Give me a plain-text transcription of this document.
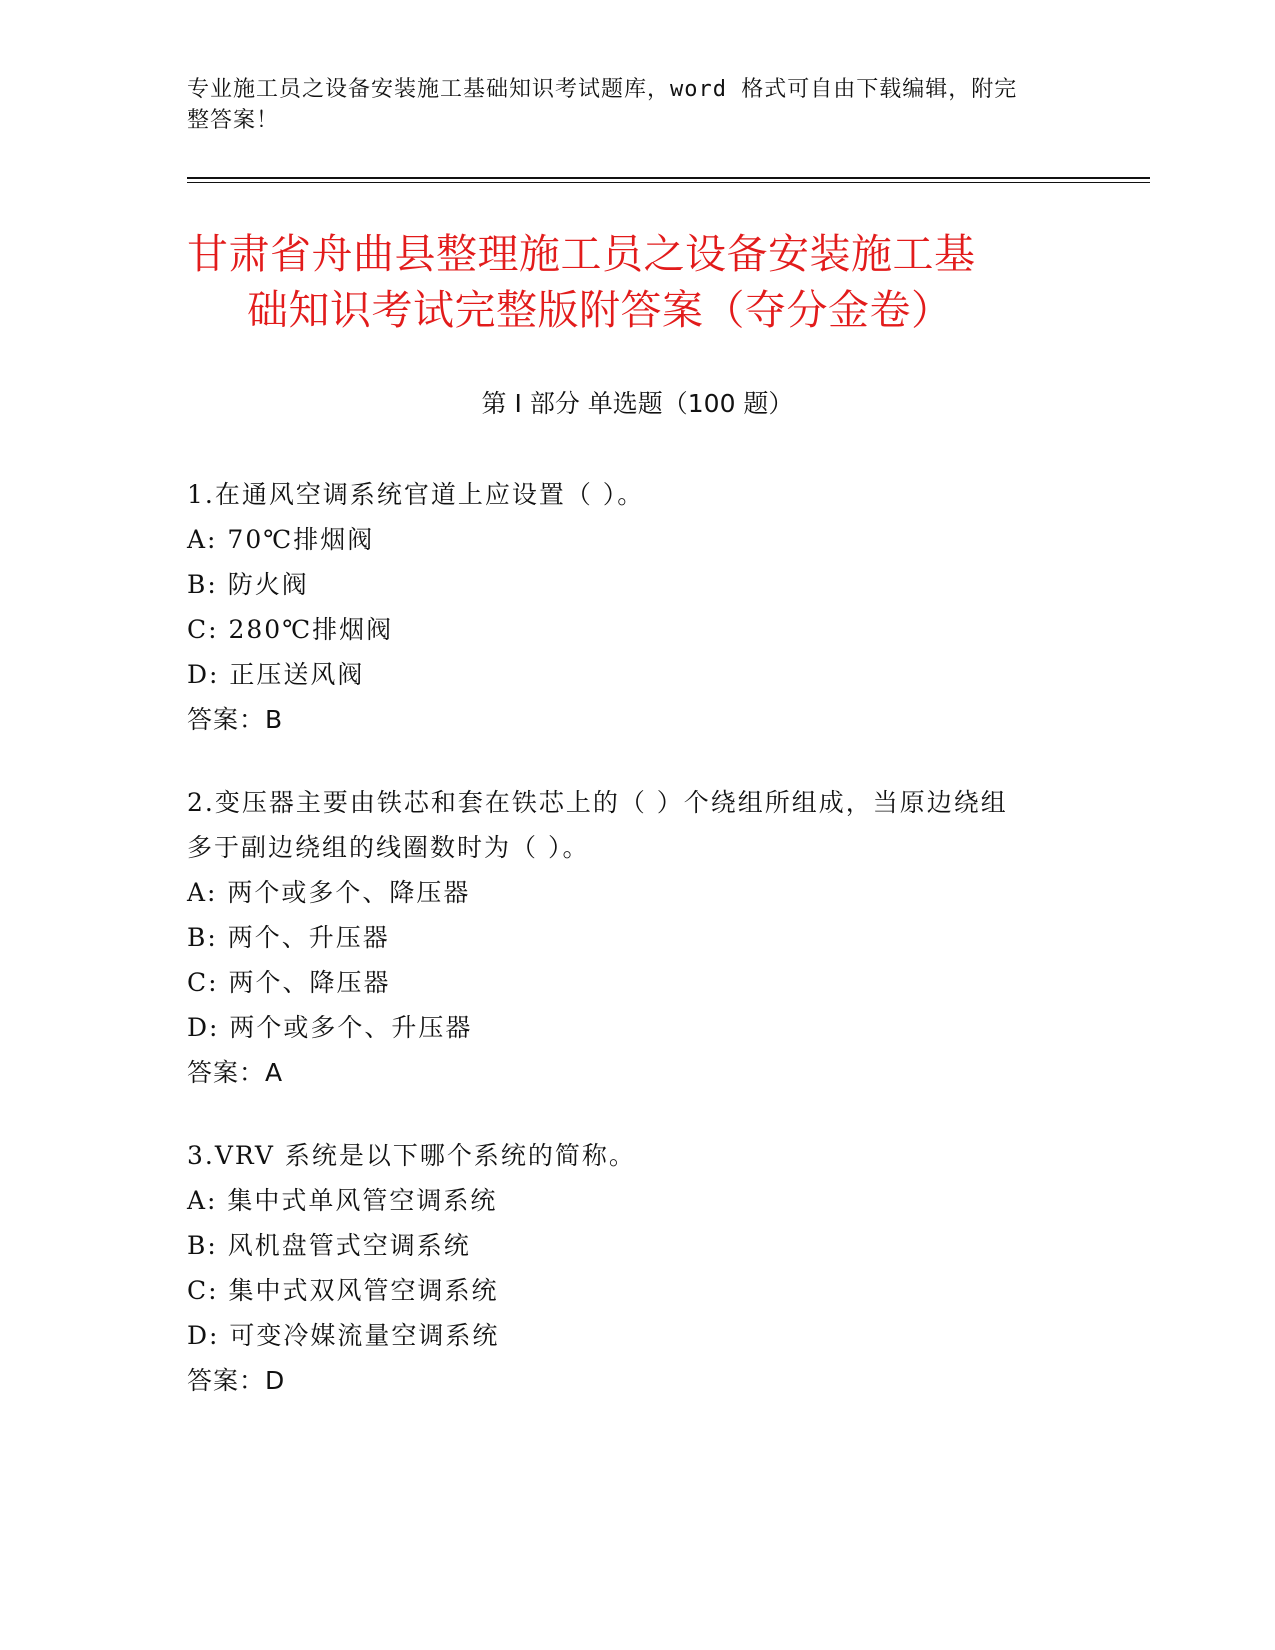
专业施工员之设备安装施工基础知识考试题库，word 格式可自由下载编辑，附完
整答案！
甘肃省舟曲县整理施工员之设备安装施工基
础知识考试完整版附答案（夺分金卷）
第 I 部分 单选题（100 题）
1.在通风空调系统官道上应设置（ ）。
A: 70℃排烟阀
B: 防火阀
C: 280℃排烟阀
D: 正压送风阀
答案：B
2.变压器主要由铁芯和套在铁芯上的（ ）个绕组所组成，当原边绕组
多于副边绕组的线圈数时为（ ）。
A: 两个或多个、降压器
B: 两个、升压器
C: 两个、降压器
D: 两个或多个、升压器
答案：A
3.VRV 系统是以下哪个系统的简称。
A: 集中式单风管空调系统
B: 风机盘管式空调系统
C: 集中式双风管空调系统
D: 可变冷媒流量空调系统
答案：D
